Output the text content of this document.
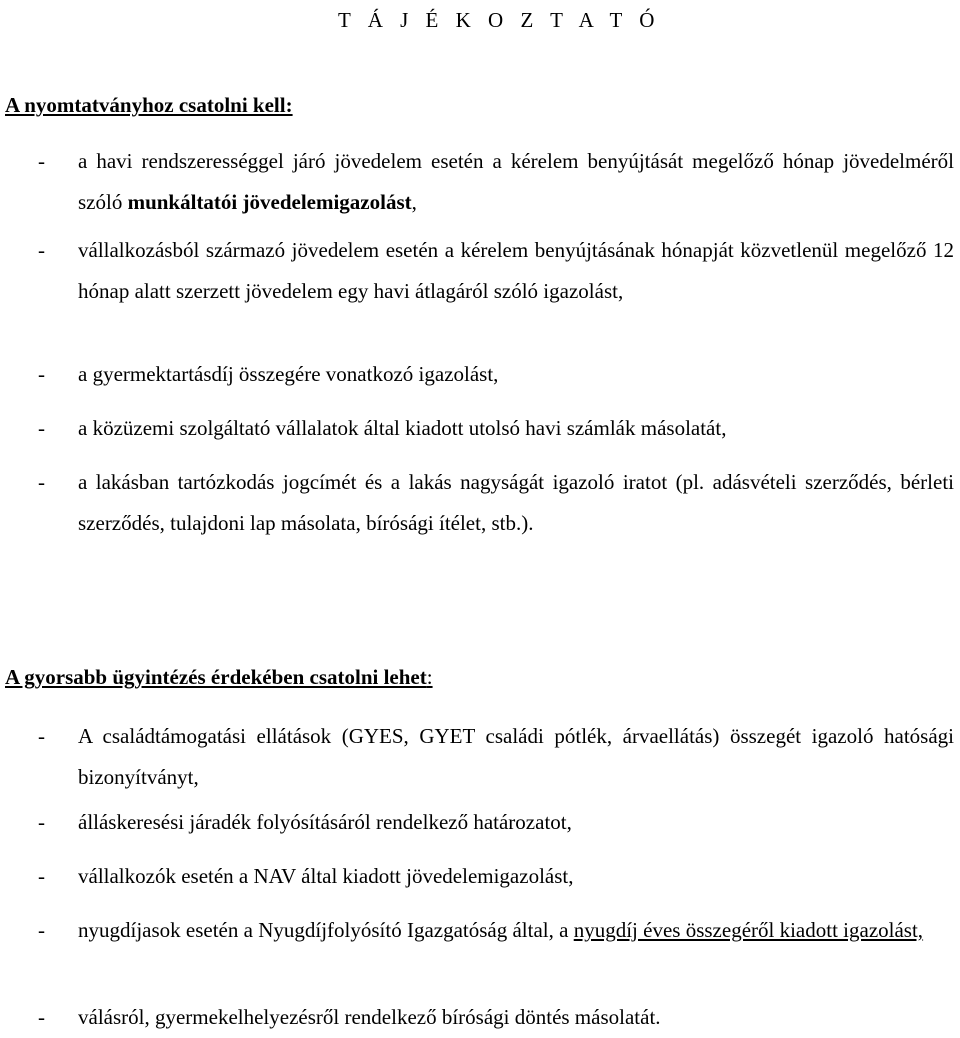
T Á J É K O Z T A T Ó
A nyomtatványhoz csatolni kell:
- a havi rendszerességgel járó jövedelem esetén a kérelem benyújtását megelőző hónap jövedelméről szóló munkáltatói jövedelemigazolást,
- vállalkozásból származó jövedelem esetén a kérelem benyújtásának hónapját közvetlenül megelőző 12 hónap alatt szerzett jövedelem egy havi átlagáról szóló igazolást,
- a gyermektartásdíj összegére vonatkozó igazolást,
- a közüzemi szolgáltató vállalatok által kiadott utolsó havi számlák másolatát,
- a lakásban tartózkodás jogcímét és a lakás nagyságát igazoló iratot (pl. adásvételi szerződés, bérleti szerződés, tulajdoni lap másolata, bírósági ítélet, stb.).
A gyorsabb ügyintézés érdekében csatolni lehet:
- A családtámogatási ellátások (GYES, GYET családi pótlék, árvaellátás) összegét igazoló hatósági bizonyítványt,
- álláskeresési járadék folyósításáról rendelkező határozatot,
- vállalkozók esetén a NAV által kiadott jövedelemigazolást,
- nyugdíjasok esetén a Nyugdíjfolyósító Igazgatóság által, a nyugdíj éves összegéről kiadott igazolást,
- válásról, gyermekelhelyezésről rendelkező bírósági döntés másolatát.
